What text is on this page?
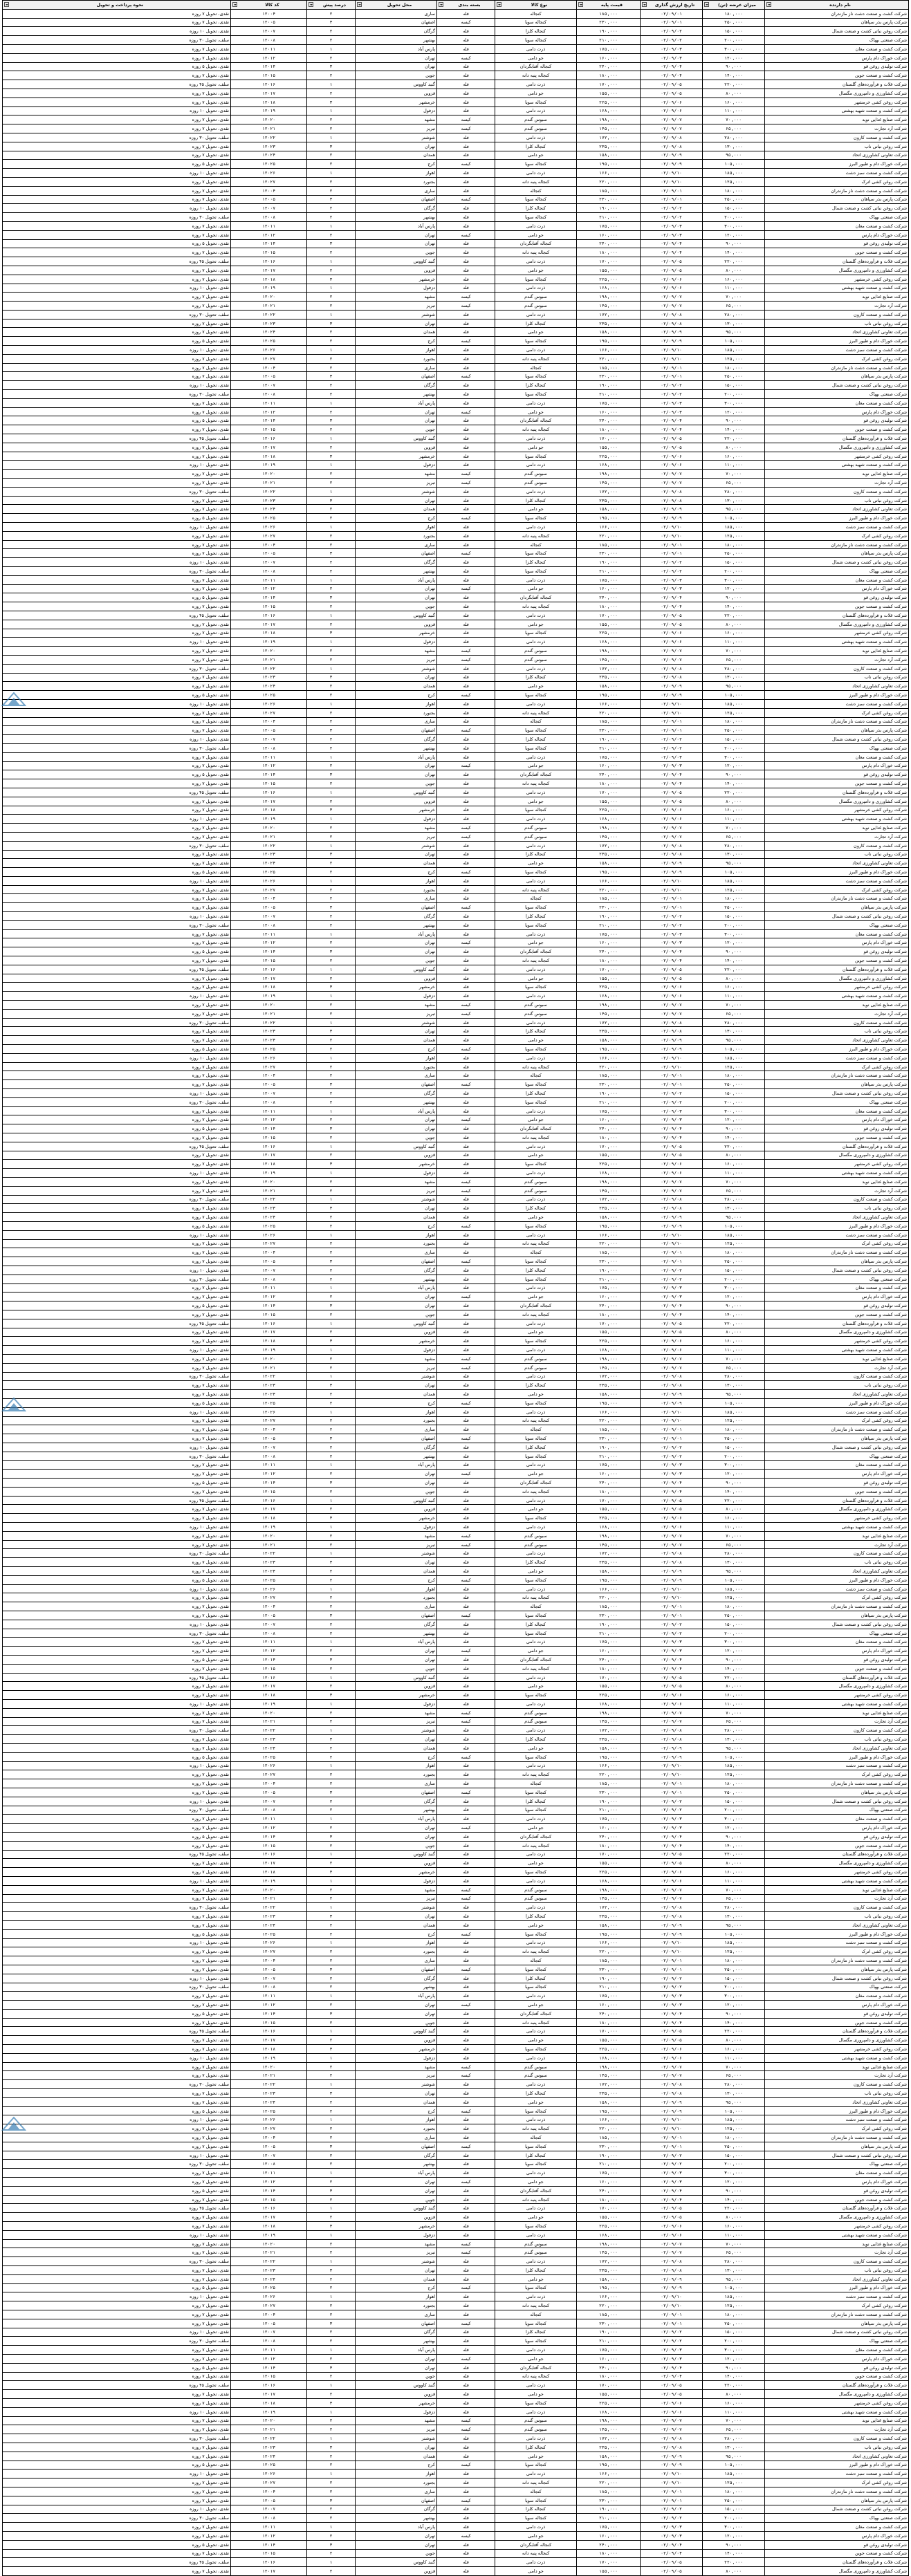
نام دارنده	میزان عرضه (تن)	تاریخ ارزش گذاری	قیمت پایه	نوع کالا	بسته بندی	محل تحویل	درصد پیش	کد کالا	نحوه پرداخت و تحویل
شرکت کشت و صنعت دشت ناز مازندران	۱۸۰,۰۰۰	۰۲/۰۹/۰۱	۱۸۵,۰۰۰	کنجاله	فله	ساری	۲	۱۲۰۰۴	نقدی، تحویل ۷ روزه
شرکت پارس بذر سپاهان	۲۵۰,۰۰۰	۰۲/۰۹/۰۱	۲۳۰,۰۰۰	کنجاله سویا	کیسه	اصفهان	۳	۱۲۰۰۵	نقدی، تحویل ۷ روزه
شرکت روغن نباتی کشت و صنعت شمال	۱۵۰,۰۰۰	۰۲/۰۹/۰۲	۱۹۰,۰۰۰	کنجاله کلزا	فله	گرگان	۲	۱۲۰۰۷	نقدی، تحویل ۱۰ روزه
شرکت صنعتی بهپاک	۲۰۰,۰۰۰	۰۲/۰۹/۰۲	۲۱۰,۰۰۰	کنجاله سویا	فله	بهشهر	۲	۱۲۰۰۸	سلف، تحویل ۳۰ روزه
شرکت کشت و صنعت مغان	۳۰۰,۰۰۰	۰۲/۰۹/۰۳	۱۷۵,۰۰۰	ذرت دامی	فله	پارس آباد	۱	۱۲۰۱۱	نقدی، تحویل ۷ روزه
شرکت خوراک دام پارس	۱۲۰,۰۰۰	۰۲/۰۹/۰۳	۱۶۰,۰۰۰	جو دامی	کیسه	تهران	۲	۱۲۰۱۲	نقدی، تحویل ۷ روزه
شرکت تولیدی روغن قو	۹۰,۰۰۰	۰۲/۰۹/۰۴	۲۴۰,۰۰۰	کنجاله آفتابگردان	فله	تهران	۳	۱۲۰۱۴	نقدی، تحویل ۵ روزه
شرکت کشت و صنعت جوین	۱۴۰,۰۰۰	۰۲/۰۹/۰۴	۱۸۰,۰۰۰	کنجاله پنبه دانه	فله	جوین	۲	۱۲۰۱۵	نقدی، تحویل ۷ روزه
شرکت غلات و فرآورده‌های گلستان	۲۲۰,۰۰۰	۰۲/۰۹/۰۵	۱۷۰,۰۰۰	ذرت دامی	فله	گنبد کاووس	۱	۱۲۰۱۶	سلف، تحویل ۴۵ روزه
شرکت کشاورزی و دامپروری مگسال	۸۰,۰۰۰	۰۲/۰۹/۰۵	۱۵۵,۰۰۰	جو دامی	فله	قزوین	۲	۱۲۰۱۷	نقدی، تحویل ۷ روزه
شرکت روغن کشی خرمشهر	۱۶۰,۰۰۰	۰۲/۰۹/۰۶	۲۲۵,۰۰۰	کنجاله سویا	فله	خرمشهر	۳	۱۲۰۱۸	نقدی، تحویل ۷ روزه
شرکت کشت و صنعت شهید بهشتی	۱۱۰,۰۰۰	۰۲/۰۹/۰۶	۱۶۸,۰۰۰	ذرت دامی	فله	دزفول	۱	۱۲۰۱۹	نقدی، تحویل ۱۰ روزه
شرکت صنایع غذایی نوید	۷۰,۰۰۰	۰۲/۰۹/۰۷	۱۹۸,۰۰۰	سبوس گندم	کیسه	مشهد	۲	۱۲۰۲۰	نقدی، تحویل ۷ روزه
شرکت آرد تجارت	۶۵,۰۰۰	۰۲/۰۹/۰۷	۱۴۵,۰۰۰	سبوس گندم	کیسه	تبریز	۲	۱۲۰۲۱	نقدی، تحویل ۷ روزه
شرکت کشت و صنعت کارون	۲۸۰,۰۰۰	۰۲/۰۹/۰۸	۱۷۲,۰۰۰	ذرت دامی	فله	شوشتر	۱	۱۲۰۲۲	سلف، تحویل ۳۰ روزه
شرکت روغن نباتی ناب	۱۳۰,۰۰۰	۰۲/۰۹/۰۸	۲۳۵,۰۰۰	کنجاله کلزا	فله	تهران	۳	۱۲۰۲۳	نقدی، تحویل ۷ روزه
شرکت تعاونی کشاورزی اتحاد	۹۵,۰۰۰	۰۲/۰۹/۰۹	۱۵۸,۰۰۰	جو دامی	فله	همدان	۲	۱۲۰۲۴	نقدی، تحویل ۷ روزه
شرکت خوراک دام و طیور البرز	۱۰۵,۰۰۰	۰۲/۰۹/۰۹	۱۹۵,۰۰۰	کنجاله سویا	کیسه	کرج	۲	۱۲۰۲۵	نقدی، تحویل ۵ روزه
شرکت کشت و صنعت سبز دشت	۱۸۵,۰۰۰	۰۲/۰۹/۱۰	۱۶۶,۰۰۰	ذرت دامی	فله	اهواز	۱	۱۲۰۲۶	نقدی، تحویل ۱۰ روزه
شرکت روغن کشی اترک	۱۲۵,۰۰۰	۰۲/۰۹/۱۰	۲۲۰,۰۰۰	کنجاله پنبه دانه	فله	بجنورد	۲	۱۲۰۲۷	نقدی، تحویل ۷ روزه
شرکت کشت و صنعت دشت ناز مازندران	۱۸۰,۰۰۰	۰۲/۰۹/۰۱	۱۸۵,۰۰۰	کنجاله	فله	ساری	۲	۱۲۰۰۴	نقدی، تحویل ۷ روزه
شرکت پارس بذر سپاهان	۲۵۰,۰۰۰	۰۲/۰۹/۰۱	۲۳۰,۰۰۰	کنجاله سویا	کیسه	اصفهان	۳	۱۲۰۰۵	نقدی، تحویل ۷ روزه
شرکت روغن نباتی کشت و صنعت شمال	۱۵۰,۰۰۰	۰۲/۰۹/۰۲	۱۹۰,۰۰۰	کنجاله کلزا	فله	گرگان	۲	۱۲۰۰۷	نقدی، تحویل ۱۰ روزه
شرکت صنعتی بهپاک	۲۰۰,۰۰۰	۰۲/۰۹/۰۲	۲۱۰,۰۰۰	کنجاله سویا	فله	بهشهر	۲	۱۲۰۰۸	سلف، تحویل ۳۰ روزه
شرکت کشت و صنعت مغان	۳۰۰,۰۰۰	۰۲/۰۹/۰۳	۱۷۵,۰۰۰	ذرت دامی	فله	پارس آباد	۱	۱۲۰۱۱	نقدی، تحویل ۷ روزه
شرکت خوراک دام پارس	۱۲۰,۰۰۰	۰۲/۰۹/۰۳	۱۶۰,۰۰۰	جو دامی	کیسه	تهران	۲	۱۲۰۱۲	نقدی، تحویل ۷ روزه
شرکت تولیدی روغن قو	۹۰,۰۰۰	۰۲/۰۹/۰۴	۲۴۰,۰۰۰	کنجاله آفتابگردان	فله	تهران	۳	۱۲۰۱۴	نقدی، تحویل ۵ روزه
شرکت کشت و صنعت جوین	۱۴۰,۰۰۰	۰۲/۰۹/۰۴	۱۸۰,۰۰۰	کنجاله پنبه دانه	فله	جوین	۲	۱۲۰۱۵	نقدی، تحویل ۷ روزه
شرکت غلات و فرآورده‌های گلستان	۲۲۰,۰۰۰	۰۲/۰۹/۰۵	۱۷۰,۰۰۰	ذرت دامی	فله	گنبد کاووس	۱	۱۲۰۱۶	سلف، تحویل ۴۵ روزه
شرکت کشاورزی و دامپروری مگسال	۸۰,۰۰۰	۰۲/۰۹/۰۵	۱۵۵,۰۰۰	جو دامی	فله	قزوین	۲	۱۲۰۱۷	نقدی، تحویل ۷ روزه
شرکت روغن کشی خرمشهر	۱۶۰,۰۰۰	۰۲/۰۹/۰۶	۲۲۵,۰۰۰	کنجاله سویا	فله	خرمشهر	۳	۱۲۰۱۸	نقدی، تحویل ۷ روزه
شرکت کشت و صنعت شهید بهشتی	۱۱۰,۰۰۰	۰۲/۰۹/۰۶	۱۶۸,۰۰۰	ذرت دامی	فله	دزفول	۱	۱۲۰۱۹	نقدی، تحویل ۱۰ روزه
شرکت صنایع غذایی نوید	۷۰,۰۰۰	۰۲/۰۹/۰۷	۱۹۸,۰۰۰	سبوس گندم	کیسه	مشهد	۲	۱۲۰۲۰	نقدی، تحویل ۷ روزه
شرکت آرد تجارت	۶۵,۰۰۰	۰۲/۰۹/۰۷	۱۴۵,۰۰۰	سبوس گندم	کیسه	تبریز	۲	۱۲۰۲۱	نقدی، تحویل ۷ روزه
شرکت کشت و صنعت کارون	۲۸۰,۰۰۰	۰۲/۰۹/۰۸	۱۷۲,۰۰۰	ذرت دامی	فله	شوشتر	۱	۱۲۰۲۲	سلف، تحویل ۳۰ روزه
شرکت روغن نباتی ناب	۱۳۰,۰۰۰	۰۲/۰۹/۰۸	۲۳۵,۰۰۰	کنجاله کلزا	فله	تهران	۳	۱۲۰۲۳	نقدی، تحویل ۷ روزه
شرکت تعاونی کشاورزی اتحاد	۹۵,۰۰۰	۰۲/۰۹/۰۹	۱۵۸,۰۰۰	جو دامی	فله	همدان	۲	۱۲۰۲۴	نقدی، تحویل ۷ روزه
شرکت خوراک دام و طیور البرز	۱۰۵,۰۰۰	۰۲/۰۹/۰۹	۱۹۵,۰۰۰	کنجاله سویا	کیسه	کرج	۲	۱۲۰۲۵	نقدی، تحویل ۵ روزه
شرکت کشت و صنعت سبز دشت	۱۸۵,۰۰۰	۰۲/۰۹/۱۰	۱۶۶,۰۰۰	ذرت دامی	فله	اهواز	۱	۱۲۰۲۶	نقدی، تحویل ۱۰ روزه
شرکت روغن کشی اترک	۱۲۵,۰۰۰	۰۲/۰۹/۱۰	۲۲۰,۰۰۰	کنجاله پنبه دانه	فله	بجنورد	۲	۱۲۰۲۷	نقدی، تحویل ۷ روزه
شرکت کشت و صنعت دشت ناز مازندران	۱۸۰,۰۰۰	۰۲/۰۹/۰۱	۱۸۵,۰۰۰	کنجاله	فله	ساری	۲	۱۲۰۰۴	نقدی، تحویل ۷ روزه
شرکت پارس بذر سپاهان	۲۵۰,۰۰۰	۰۲/۰۹/۰۱	۲۳۰,۰۰۰	کنجاله سویا	کیسه	اصفهان	۳	۱۲۰۰۵	نقدی، تحویل ۷ روزه
شرکت روغن نباتی کشت و صنعت شمال	۱۵۰,۰۰۰	۰۲/۰۹/۰۲	۱۹۰,۰۰۰	کنجاله کلزا	فله	گرگان	۲	۱۲۰۰۷	نقدی، تحویل ۱۰ روزه
شرکت صنعتی بهپاک	۲۰۰,۰۰۰	۰۲/۰۹/۰۲	۲۱۰,۰۰۰	کنجاله سویا	فله	بهشهر	۲	۱۲۰۰۸	سلف، تحویل ۳۰ روزه
شرکت کشت و صنعت مغان	۳۰۰,۰۰۰	۰۲/۰۹/۰۳	۱۷۵,۰۰۰	ذرت دامی	فله	پارس آباد	۱	۱۲۰۱۱	نقدی، تحویل ۷ روزه
شرکت خوراک دام پارس	۱۲۰,۰۰۰	۰۲/۰۹/۰۳	۱۶۰,۰۰۰	جو دامی	کیسه	تهران	۲	۱۲۰۱۲	نقدی، تحویل ۷ روزه
شرکت تولیدی روغن قو	۹۰,۰۰۰	۰۲/۰۹/۰۴	۲۴۰,۰۰۰	کنجاله آفتابگردان	فله	تهران	۳	۱۲۰۱۴	نقدی، تحویل ۵ روزه
شرکت کشت و صنعت جوین	۱۴۰,۰۰۰	۰۲/۰۹/۰۴	۱۸۰,۰۰۰	کنجاله پنبه دانه	فله	جوین	۲	۱۲۰۱۵	نقدی، تحویل ۷ روزه
شرکت غلات و فرآورده‌های گلستان	۲۲۰,۰۰۰	۰۲/۰۹/۰۵	۱۷۰,۰۰۰	ذرت دامی	فله	گنبد کاووس	۱	۱۲۰۱۶	سلف، تحویل ۴۵ روزه
شرکت کشاورزی و دامپروری مگسال	۸۰,۰۰۰	۰۲/۰۹/۰۵	۱۵۵,۰۰۰	جو دامی	فله	قزوین	۲	۱۲۰۱۷	نقدی، تحویل ۷ روزه
شرکت روغن کشی خرمشهر	۱۶۰,۰۰۰	۰۲/۰۹/۰۶	۲۲۵,۰۰۰	کنجاله سویا	فله	خرمشهر	۳	۱۲۰۱۸	نقدی، تحویل ۷ روزه
شرکت کشت و صنعت شهید بهشتی	۱۱۰,۰۰۰	۰۲/۰۹/۰۶	۱۶۸,۰۰۰	ذرت دامی	فله	دزفول	۱	۱۲۰۱۹	نقدی، تحویل ۱۰ روزه
شرکت صنایع غذایی نوید	۷۰,۰۰۰	۰۲/۰۹/۰۷	۱۹۸,۰۰۰	سبوس گندم	کیسه	مشهد	۲	۱۲۰۲۰	نقدی، تحویل ۷ روزه
شرکت آرد تجارت	۶۵,۰۰۰	۰۲/۰۹/۰۷	۱۴۵,۰۰۰	سبوس گندم	کیسه	تبریز	۲	۱۲۰۲۱	نقدی، تحویل ۷ روزه
شرکت کشت و صنعت کارون	۲۸۰,۰۰۰	۰۲/۰۹/۰۸	۱۷۲,۰۰۰	ذرت دامی	فله	شوشتر	۱	۱۲۰۲۲	سلف، تحویل ۳۰ روزه
شرکت روغن نباتی ناب	۱۳۰,۰۰۰	۰۲/۰۹/۰۸	۲۳۵,۰۰۰	کنجاله کلزا	فله	تهران	۳	۱۲۰۲۳	نقدی، تحویل ۷ روزه
شرکت تعاونی کشاورزی اتحاد	۹۵,۰۰۰	۰۲/۰۹/۰۹	۱۵۸,۰۰۰	جو دامی	فله	همدان	۲	۱۲۰۲۴	نقدی، تحویل ۷ روزه
شرکت خوراک دام و طیور البرز	۱۰۵,۰۰۰	۰۲/۰۹/۰۹	۱۹۵,۰۰۰	کنجاله سویا	کیسه	کرج	۲	۱۲۰۲۵	نقدی، تحویل ۵ روزه
شرکت کشت و صنعت سبز دشت	۱۸۵,۰۰۰	۰۲/۰۹/۱۰	۱۶۶,۰۰۰	ذرت دامی	فله	اهواز	۱	۱۲۰۲۶	نقدی، تحویل ۱۰ روزه
شرکت روغن کشی اترک	۱۲۵,۰۰۰	۰۲/۰۹/۱۰	۲۲۰,۰۰۰	کنجاله پنبه دانه	فله	بجنورد	۲	۱۲۰۲۷	نقدی، تحویل ۷ روزه
شرکت کشت و صنعت دشت ناز مازندران	۱۸۰,۰۰۰	۰۲/۰۹/۰۱	۱۸۵,۰۰۰	کنجاله	فله	ساری	۲	۱۲۰۰۴	نقدی، تحویل ۷ روزه
شرکت پارس بذر سپاهان	۲۵۰,۰۰۰	۰۲/۰۹/۰۱	۲۳۰,۰۰۰	کنجاله سویا	کیسه	اصفهان	۳	۱۲۰۰۵	نقدی، تحویل ۷ روزه
شرکت روغن نباتی کشت و صنعت شمال	۱۵۰,۰۰۰	۰۲/۰۹/۰۲	۱۹۰,۰۰۰	کنجاله کلزا	فله	گرگان	۲	۱۲۰۰۷	نقدی، تحویل ۱۰ روزه
شرکت صنعتی بهپاک	۲۰۰,۰۰۰	۰۲/۰۹/۰۲	۲۱۰,۰۰۰	کنجاله سویا	فله	بهشهر	۲	۱۲۰۰۸	سلف، تحویل ۳۰ روزه
شرکت کشت و صنعت مغان	۳۰۰,۰۰۰	۰۲/۰۹/۰۳	۱۷۵,۰۰۰	ذرت دامی	فله	پارس آباد	۱	۱۲۰۱۱	نقدی، تحویل ۷ روزه
شرکت خوراک دام پارس	۱۲۰,۰۰۰	۰۲/۰۹/۰۳	۱۶۰,۰۰۰	جو دامی	کیسه	تهران	۲	۱۲۰۱۲	نقدی، تحویل ۷ روزه
شرکت تولیدی روغن قو	۹۰,۰۰۰	۰۲/۰۹/۰۴	۲۴۰,۰۰۰	کنجاله آفتابگردان	فله	تهران	۳	۱۲۰۱۴	نقدی، تحویل ۵ روزه
شرکت کشت و صنعت جوین	۱۴۰,۰۰۰	۰۲/۰۹/۰۴	۱۸۰,۰۰۰	کنجاله پنبه دانه	فله	جوین	۲	۱۲۰۱۵	نقدی، تحویل ۷ روزه
شرکت غلات و فرآورده‌های گلستان	۲۲۰,۰۰۰	۰۲/۰۹/۰۵	۱۷۰,۰۰۰	ذرت دامی	فله	گنبد کاووس	۱	۱۲۰۱۶	سلف، تحویل ۴۵ روزه
شرکت کشاورزی و دامپروری مگسال	۸۰,۰۰۰	۰۲/۰۹/۰۵	۱۵۵,۰۰۰	جو دامی	فله	قزوین	۲	۱۲۰۱۷	نقدی، تحویل ۷ روزه
شرکت روغن کشی خرمشهر	۱۶۰,۰۰۰	۰۲/۰۹/۰۶	۲۲۵,۰۰۰	کنجاله سویا	فله	خرمشهر	۳	۱۲۰۱۸	نقدی، تحویل ۷ روزه
شرکت کشت و صنعت شهید بهشتی	۱۱۰,۰۰۰	۰۲/۰۹/۰۶	۱۶۸,۰۰۰	ذرت دامی	فله	دزفول	۱	۱۲۰۱۹	نقدی، تحویل ۱۰ روزه
شرکت صنایع غذایی نوید	۷۰,۰۰۰	۰۲/۰۹/۰۷	۱۹۸,۰۰۰	سبوس گندم	کیسه	مشهد	۲	۱۲۰۲۰	نقدی، تحویل ۷ روزه
شرکت آرد تجارت	۶۵,۰۰۰	۰۲/۰۹/۰۷	۱۴۵,۰۰۰	سبوس گندم	کیسه	تبریز	۲	۱۲۰۲۱	نقدی، تحویل ۷ روزه
شرکت کشت و صنعت کارون	۲۸۰,۰۰۰	۰۲/۰۹/۰۸	۱۷۲,۰۰۰	ذرت دامی	فله	شوشتر	۱	۱۲۰۲۲	سلف، تحویل ۳۰ روزه
شرکت روغن نباتی ناب	۱۳۰,۰۰۰	۰۲/۰۹/۰۸	۲۳۵,۰۰۰	کنجاله کلزا	فله	تهران	۳	۱۲۰۲۳	نقدی، تحویل ۷ روزه
شرکت تعاونی کشاورزی اتحاد	۹۵,۰۰۰	۰۲/۰۹/۰۹	۱۵۸,۰۰۰	جو دامی	فله	همدان	۲	۱۲۰۲۴	نقدی، تحویل ۷ روزه
شرکت خوراک دام و طیور البرز	۱۰۵,۰۰۰	۰۲/۰۹/۰۹	۱۹۵,۰۰۰	کنجاله سویا	کیسه	کرج	۲	۱۲۰۲۵	نقدی، تحویل ۵ روزه
شرکت کشت و صنعت سبز دشت	۱۸۵,۰۰۰	۰۲/۰۹/۱۰	۱۶۶,۰۰۰	ذرت دامی	فله	اهواز	۱	۱۲۰۲۶	نقدی، تحویل ۱۰ روزه
شرکت روغن کشی اترک	۱۲۵,۰۰۰	۰۲/۰۹/۱۰	۲۲۰,۰۰۰	کنجاله پنبه دانه	فله	بجنورد	۲	۱۲۰۲۷	نقدی، تحویل ۷ روزه
شرکت کشت و صنعت دشت ناز مازندران	۱۸۰,۰۰۰	۰۲/۰۹/۰۱	۱۸۵,۰۰۰	کنجاله	فله	ساری	۲	۱۲۰۰۴	نقدی، تحویل ۷ روزه
شرکت پارس بذر سپاهان	۲۵۰,۰۰۰	۰۲/۰۹/۰۱	۲۳۰,۰۰۰	کنجاله سویا	کیسه	اصفهان	۳	۱۲۰۰۵	نقدی، تحویل ۷ روزه
شرکت روغن نباتی کشت و صنعت شمال	۱۵۰,۰۰۰	۰۲/۰۹/۰۲	۱۹۰,۰۰۰	کنجاله کلزا	فله	گرگان	۲	۱۲۰۰۷	نقدی، تحویل ۱۰ روزه
شرکت صنعتی بهپاک	۲۰۰,۰۰۰	۰۲/۰۹/۰۲	۲۱۰,۰۰۰	کنجاله سویا	فله	بهشهر	۲	۱۲۰۰۸	سلف، تحویل ۳۰ روزه
شرکت کشت و صنعت مغان	۳۰۰,۰۰۰	۰۲/۰۹/۰۳	۱۷۵,۰۰۰	ذرت دامی	فله	پارس آباد	۱	۱۲۰۱۱	نقدی، تحویل ۷ روزه
شرکت خوراک دام پارس	۱۲۰,۰۰۰	۰۲/۰۹/۰۳	۱۶۰,۰۰۰	جو دامی	کیسه	تهران	۲	۱۲۰۱۲	نقدی، تحویل ۷ روزه
شرکت تولیدی روغن قو	۹۰,۰۰۰	۰۲/۰۹/۰۴	۲۴۰,۰۰۰	کنجاله آفتابگردان	فله	تهران	۳	۱۲۰۱۴	نقدی، تحویل ۵ روزه
شرکت کشت و صنعت جوین	۱۴۰,۰۰۰	۰۲/۰۹/۰۴	۱۸۰,۰۰۰	کنجاله پنبه دانه	فله	جوین	۲	۱۲۰۱۵	نقدی، تحویل ۷ روزه
شرکت غلات و فرآورده‌های گلستان	۲۲۰,۰۰۰	۰۲/۰۹/۰۵	۱۷۰,۰۰۰	ذرت دامی	فله	گنبد کاووس	۱	۱۲۰۱۶	سلف، تحویل ۴۵ روزه
شرکت کشاورزی و دامپروری مگسال	۸۰,۰۰۰	۰۲/۰۹/۰۵	۱۵۵,۰۰۰	جو دامی	فله	قزوین	۲	۱۲۰۱۷	نقدی، تحویل ۷ روزه
شرکت روغن کشی خرمشهر	۱۶۰,۰۰۰	۰۲/۰۹/۰۶	۲۲۵,۰۰۰	کنجاله سویا	فله	خرمشهر	۳	۱۲۰۱۸	نقدی، تحویل ۷ روزه
شرکت کشت و صنعت شهید بهشتی	۱۱۰,۰۰۰	۰۲/۰۹/۰۶	۱۶۸,۰۰۰	ذرت دامی	فله	دزفول	۱	۱۲۰۱۹	نقدی، تحویل ۱۰ روزه
شرکت صنایع غذایی نوید	۷۰,۰۰۰	۰۲/۰۹/۰۷	۱۹۸,۰۰۰	سبوس گندم	کیسه	مشهد	۲	۱۲۰۲۰	نقدی، تحویل ۷ روزه
شرکت آرد تجارت	۶۵,۰۰۰	۰۲/۰۹/۰۷	۱۴۵,۰۰۰	سبوس گندم	کیسه	تبریز	۲	۱۲۰۲۱	نقدی، تحویل ۷ روزه
شرکت کشت و صنعت کارون	۲۸۰,۰۰۰	۰۲/۰۹/۰۸	۱۷۲,۰۰۰	ذرت دامی	فله	شوشتر	۱	۱۲۰۲۲	سلف، تحویل ۳۰ روزه
شرکت روغن نباتی ناب	۱۳۰,۰۰۰	۰۲/۰۹/۰۸	۲۳۵,۰۰۰	کنجاله کلزا	فله	تهران	۳	۱۲۰۲۳	نقدی، تحویل ۷ روزه
شرکت تعاونی کشاورزی اتحاد	۹۵,۰۰۰	۰۲/۰۹/۰۹	۱۵۸,۰۰۰	جو دامی	فله	همدان	۲	۱۲۰۲۴	نقدی، تحویل ۷ روزه
شرکت خوراک دام و طیور البرز	۱۰۵,۰۰۰	۰۲/۰۹/۰۹	۱۹۵,۰۰۰	کنجاله سویا	کیسه	کرج	۲	۱۲۰۲۵	نقدی، تحویل ۵ روزه
شرکت کشت و صنعت سبز دشت	۱۸۵,۰۰۰	۰۲/۰۹/۱۰	۱۶۶,۰۰۰	ذرت دامی	فله	اهواز	۱	۱۲۰۲۶	نقدی، تحویل ۱۰ روزه
شرکت روغن کشی اترک	۱۲۵,۰۰۰	۰۲/۰۹/۱۰	۲۲۰,۰۰۰	کنجاله پنبه دانه	فله	بجنورد	۲	۱۲۰۲۷	نقدی، تحویل ۷ روزه
شرکت کشت و صنعت دشت ناز مازندران	۱۸۰,۰۰۰	۰۲/۰۹/۰۱	۱۸۵,۰۰۰	کنجاله	فله	ساری	۲	۱۲۰۰۴	نقدی، تحویل ۷ روزه
شرکت پارس بذر سپاهان	۲۵۰,۰۰۰	۰۲/۰۹/۰۱	۲۳۰,۰۰۰	کنجاله سویا	کیسه	اصفهان	۳	۱۲۰۰۵	نقدی، تحویل ۷ روزه
شرکت روغن نباتی کشت و صنعت شمال	۱۵۰,۰۰۰	۰۲/۰۹/۰۲	۱۹۰,۰۰۰	کنجاله کلزا	فله	گرگان	۲	۱۲۰۰۷	نقدی، تحویل ۱۰ روزه
شرکت صنعتی بهپاک	۲۰۰,۰۰۰	۰۲/۰۹/۰۲	۲۱۰,۰۰۰	کنجاله سویا	فله	بهشهر	۲	۱۲۰۰۸	سلف، تحویل ۳۰ روزه
شرکت کشت و صنعت مغان	۳۰۰,۰۰۰	۰۲/۰۹/۰۳	۱۷۵,۰۰۰	ذرت دامی	فله	پارس آباد	۱	۱۲۰۱۱	نقدی، تحویل ۷ روزه
شرکت خوراک دام پارس	۱۲۰,۰۰۰	۰۲/۰۹/۰۳	۱۶۰,۰۰۰	جو دامی	کیسه	تهران	۲	۱۲۰۱۲	نقدی، تحویل ۷ روزه
شرکت تولیدی روغن قو	۹۰,۰۰۰	۰۲/۰۹/۰۴	۲۴۰,۰۰۰	کنجاله آفتابگردان	فله	تهران	۳	۱۲۰۱۴	نقدی، تحویل ۵ روزه
شرکت کشت و صنعت جوین	۱۴۰,۰۰۰	۰۲/۰۹/۰۴	۱۸۰,۰۰۰	کنجاله پنبه دانه	فله	جوین	۲	۱۲۰۱۵	نقدی، تحویل ۷ روزه
شرکت غلات و فرآورده‌های گلستان	۲۲۰,۰۰۰	۰۲/۰۹/۰۵	۱۷۰,۰۰۰	ذرت دامی	فله	گنبد کاووس	۱	۱۲۰۱۶	سلف، تحویل ۴۵ روزه
شرکت کشاورزی و دامپروری مگسال	۸۰,۰۰۰	۰۲/۰۹/۰۵	۱۵۵,۰۰۰	جو دامی	فله	قزوین	۲	۱۲۰۱۷	نقدی، تحویل ۷ روزه
شرکت روغن کشی خرمشهر	۱۶۰,۰۰۰	۰۲/۰۹/۰۶	۲۲۵,۰۰۰	کنجاله سویا	فله	خرمشهر	۳	۱۲۰۱۸	نقدی، تحویل ۷ روزه
شرکت کشت و صنعت شهید بهشتی	۱۱۰,۰۰۰	۰۲/۰۹/۰۶	۱۶۸,۰۰۰	ذرت دامی	فله	دزفول	۱	۱۲۰۱۹	نقدی، تحویل ۱۰ روزه
شرکت صنایع غذایی نوید	۷۰,۰۰۰	۰۲/۰۹/۰۷	۱۹۸,۰۰۰	سبوس گندم	کیسه	مشهد	۲	۱۲۰۲۰	نقدی، تحویل ۷ روزه
شرکت آرد تجارت	۶۵,۰۰۰	۰۲/۰۹/۰۷	۱۴۵,۰۰۰	سبوس گندم	کیسه	تبریز	۲	۱۲۰۲۱	نقدی، تحویل ۷ روزه
شرکت کشت و صنعت کارون	۲۸۰,۰۰۰	۰۲/۰۹/۰۸	۱۷۲,۰۰۰	ذرت دامی	فله	شوشتر	۱	۱۲۰۲۲	سلف، تحویل ۳۰ روزه
شرکت روغن نباتی ناب	۱۳۰,۰۰۰	۰۲/۰۹/۰۸	۲۳۵,۰۰۰	کنجاله کلزا	فله	تهران	۳	۱۲۰۲۳	نقدی، تحویل ۷ روزه
شرکت تعاونی کشاورزی اتحاد	۹۵,۰۰۰	۰۲/۰۹/۰۹	۱۵۸,۰۰۰	جو دامی	فله	همدان	۲	۱۲۰۲۴	نقدی، تحویل ۷ روزه
شرکت خوراک دام و طیور البرز	۱۰۵,۰۰۰	۰۲/۰۹/۰۹	۱۹۵,۰۰۰	کنجاله سویا	کیسه	کرج	۲	۱۲۰۲۵	نقدی، تحویل ۵ روزه
شرکت کشت و صنعت سبز دشت	۱۸۵,۰۰۰	۰۲/۰۹/۱۰	۱۶۶,۰۰۰	ذرت دامی	فله	اهواز	۱	۱۲۰۲۶	نقدی، تحویل ۱۰ روزه
شرکت روغن کشی اترک	۱۲۵,۰۰۰	۰۲/۰۹/۱۰	۲۲۰,۰۰۰	کنجاله پنبه دانه	فله	بجنورد	۲	۱۲۰۲۷	نقدی، تحویل ۷ روزه
شرکت کشت و صنعت دشت ناز مازندران	۱۸۰,۰۰۰	۰۲/۰۹/۰۱	۱۸۵,۰۰۰	کنجاله	فله	ساری	۲	۱۲۰۰۴	نقدی، تحویل ۷ روزه
شرکت پارس بذر سپاهان	۲۵۰,۰۰۰	۰۲/۰۹/۰۱	۲۳۰,۰۰۰	کنجاله سویا	کیسه	اصفهان	۳	۱۲۰۰۵	نقدی، تحویل ۷ روزه
شرکت روغن نباتی کشت و صنعت شمال	۱۵۰,۰۰۰	۰۲/۰۹/۰۲	۱۹۰,۰۰۰	کنجاله کلزا	فله	گرگان	۲	۱۲۰۰۷	نقدی، تحویل ۱۰ روزه
شرکت صنعتی بهپاک	۲۰۰,۰۰۰	۰۲/۰۹/۰۲	۲۱۰,۰۰۰	کنجاله سویا	فله	بهشهر	۲	۱۲۰۰۸	سلف، تحویل ۳۰ روزه
شرکت کشت و صنعت مغان	۳۰۰,۰۰۰	۰۲/۰۹/۰۳	۱۷۵,۰۰۰	ذرت دامی	فله	پارس آباد	۱	۱۲۰۱۱	نقدی، تحویل ۷ روزه
شرکت خوراک دام پارس	۱۲۰,۰۰۰	۰۲/۰۹/۰۳	۱۶۰,۰۰۰	جو دامی	کیسه	تهران	۲	۱۲۰۱۲	نقدی، تحویل ۷ روزه
شرکت تولیدی روغن قو	۹۰,۰۰۰	۰۲/۰۹/۰۴	۲۴۰,۰۰۰	کنجاله آفتابگردان	فله	تهران	۳	۱۲۰۱۴	نقدی، تحویل ۵ روزه
شرکت کشت و صنعت جوین	۱۴۰,۰۰۰	۰۲/۰۹/۰۴	۱۸۰,۰۰۰	کنجاله پنبه دانه	فله	جوین	۲	۱۲۰۱۵	نقدی، تحویل ۷ روزه
شرکت غلات و فرآورده‌های گلستان	۲۲۰,۰۰۰	۰۲/۰۹/۰۵	۱۷۰,۰۰۰	ذرت دامی	فله	گنبد کاووس	۱	۱۲۰۱۶	سلف، تحویل ۴۵ روزه
شرکت کشاورزی و دامپروری مگسال	۸۰,۰۰۰	۰۲/۰۹/۰۵	۱۵۵,۰۰۰	جو دامی	فله	قزوین	۲	۱۲۰۱۷	نقدی، تحویل ۷ روزه
شرکت روغن کشی خرمشهر	۱۶۰,۰۰۰	۰۲/۰۹/۰۶	۲۲۵,۰۰۰	کنجاله سویا	فله	خرمشهر	۳	۱۲۰۱۸	نقدی، تحویل ۷ روزه
شرکت کشت و صنعت شهید بهشتی	۱۱۰,۰۰۰	۰۲/۰۹/۰۶	۱۶۸,۰۰۰	ذرت دامی	فله	دزفول	۱	۱۲۰۱۹	نقدی، تحویل ۱۰ روزه
شرکت صنایع غذایی نوید	۷۰,۰۰۰	۰۲/۰۹/۰۷	۱۹۸,۰۰۰	سبوس گندم	کیسه	مشهد	۲	۱۲۰۲۰	نقدی، تحویل ۷ روزه
شرکت آرد تجارت	۶۵,۰۰۰	۰۲/۰۹/۰۷	۱۴۵,۰۰۰	سبوس گندم	کیسه	تبریز	۲	۱۲۰۲۱	نقدی، تحویل ۷ روزه
شرکت کشت و صنعت کارون	۲۸۰,۰۰۰	۰۲/۰۹/۰۸	۱۷۲,۰۰۰	ذرت دامی	فله	شوشتر	۱	۱۲۰۲۲	سلف، تحویل ۳۰ روزه
شرکت روغن نباتی ناب	۱۳۰,۰۰۰	۰۲/۰۹/۰۸	۲۳۵,۰۰۰	کنجاله کلزا	فله	تهران	۳	۱۲۰۲۳	نقدی، تحویل ۷ روزه
شرکت تعاونی کشاورزی اتحاد	۹۵,۰۰۰	۰۲/۰۹/۰۹	۱۵۸,۰۰۰	جو دامی	فله	همدان	۲	۱۲۰۲۴	نقدی، تحویل ۷ روزه
شرکت خوراک دام و طیور البرز	۱۰۵,۰۰۰	۰۲/۰۹/۰۹	۱۹۵,۰۰۰	کنجاله سویا	کیسه	کرج	۲	۱۲۰۲۵	نقدی، تحویل ۵ روزه
شرکت کشت و صنعت سبز دشت	۱۸۵,۰۰۰	۰۲/۰۹/۱۰	۱۶۶,۰۰۰	ذرت دامی	فله	اهواز	۱	۱۲۰۲۶	نقدی، تحویل ۱۰ روزه
شرکت روغن کشی اترک	۱۲۵,۰۰۰	۰۲/۰۹/۱۰	۲۲۰,۰۰۰	کنجاله پنبه دانه	فله	بجنورد	۲	۱۲۰۲۷	نقدی، تحویل ۷ روزه
شرکت کشت و صنعت دشت ناز مازندران	۱۸۰,۰۰۰	۰۲/۰۹/۰۱	۱۸۵,۰۰۰	کنجاله	فله	ساری	۲	۱۲۰۰۴	نقدی، تحویل ۷ روزه
شرکت پارس بذر سپاهان	۲۵۰,۰۰۰	۰۲/۰۹/۰۱	۲۳۰,۰۰۰	کنجاله سویا	کیسه	اصفهان	۳	۱۲۰۰۵	نقدی، تحویل ۷ روزه
شرکت روغن نباتی کشت و صنعت شمال	۱۵۰,۰۰۰	۰۲/۰۹/۰۲	۱۹۰,۰۰۰	کنجاله کلزا	فله	گرگان	۲	۱۲۰۰۷	نقدی، تحویل ۱۰ روزه
شرکت صنعتی بهپاک	۲۰۰,۰۰۰	۰۲/۰۹/۰۲	۲۱۰,۰۰۰	کنجاله سویا	فله	بهشهر	۲	۱۲۰۰۸	سلف، تحویل ۳۰ روزه
شرکت کشت و صنعت مغان	۳۰۰,۰۰۰	۰۲/۰۹/۰۳	۱۷۵,۰۰۰	ذرت دامی	فله	پارس آباد	۱	۱۲۰۱۱	نقدی، تحویل ۷ روزه
شرکت خوراک دام پارس	۱۲۰,۰۰۰	۰۲/۰۹/۰۳	۱۶۰,۰۰۰	جو دامی	کیسه	تهران	۲	۱۲۰۱۲	نقدی، تحویل ۷ روزه
شرکت تولیدی روغن قو	۹۰,۰۰۰	۰۲/۰۹/۰۴	۲۴۰,۰۰۰	کنجاله آفتابگردان	فله	تهران	۳	۱۲۰۱۴	نقدی، تحویل ۵ روزه
شرکت کشت و صنعت جوین	۱۴۰,۰۰۰	۰۲/۰۹/۰۴	۱۸۰,۰۰۰	کنجاله پنبه دانه	فله	جوین	۲	۱۲۰۱۵	نقدی، تحویل ۷ روزه
شرکت غلات و فرآورده‌های گلستان	۲۲۰,۰۰۰	۰۲/۰۹/۰۵	۱۷۰,۰۰۰	ذرت دامی	فله	گنبد کاووس	۱	۱۲۰۱۶	سلف، تحویل ۴۵ روزه
شرکت کشاورزی و دامپروری مگسال	۸۰,۰۰۰	۰۲/۰۹/۰۵	۱۵۵,۰۰۰	جو دامی	فله	قزوین	۲	۱۲۰۱۷	نقدی، تحویل ۷ روزه
شرکت روغن کشی خرمشهر	۱۶۰,۰۰۰	۰۲/۰۹/۰۶	۲۲۵,۰۰۰	کنجاله سویا	فله	خرمشهر	۳	۱۲۰۱۸	نقدی، تحویل ۷ روزه
شرکت کشت و صنعت شهید بهشتی	۱۱۰,۰۰۰	۰۲/۰۹/۰۶	۱۶۸,۰۰۰	ذرت دامی	فله	دزفول	۱	۱۲۰۱۹	نقدی، تحویل ۱۰ روزه
شرکت صنایع غذایی نوید	۷۰,۰۰۰	۰۲/۰۹/۰۷	۱۹۸,۰۰۰	سبوس گندم	کیسه	مشهد	۲	۱۲۰۲۰	نقدی، تحویل ۷ روزه
شرکت آرد تجارت	۶۵,۰۰۰	۰۲/۰۹/۰۷	۱۴۵,۰۰۰	سبوس گندم	کیسه	تبریز	۲	۱۲۰۲۱	نقدی، تحویل ۷ روزه
شرکت کشت و صنعت کارون	۲۸۰,۰۰۰	۰۲/۰۹/۰۸	۱۷۲,۰۰۰	ذرت دامی	فله	شوشتر	۱	۱۲۰۲۲	سلف، تحویل ۳۰ روزه
شرکت روغن نباتی ناب	۱۳۰,۰۰۰	۰۲/۰۹/۰۸	۲۳۵,۰۰۰	کنجاله کلزا	فله	تهران	۳	۱۲۰۲۳	نقدی، تحویل ۷ روزه
شرکت تعاونی کشاورزی اتحاد	۹۵,۰۰۰	۰۲/۰۹/۰۹	۱۵۸,۰۰۰	جو دامی	فله	همدان	۲	۱۲۰۲۴	نقدی، تحویل ۷ روزه
شرکت خوراک دام و طیور البرز	۱۰۵,۰۰۰	۰۲/۰۹/۰۹	۱۹۵,۰۰۰	کنجاله سویا	کیسه	کرج	۲	۱۲۰۲۵	نقدی، تحویل ۵ روزه
شرکت کشت و صنعت سبز دشت	۱۸۵,۰۰۰	۰۲/۰۹/۱۰	۱۶۶,۰۰۰	ذرت دامی	فله	اهواز	۱	۱۲۰۲۶	نقدی، تحویل ۱۰ روزه
شرکت روغن کشی اترک	۱۲۵,۰۰۰	۰۲/۰۹/۱۰	۲۲۰,۰۰۰	کنجاله پنبه دانه	فله	بجنورد	۲	۱۲۰۲۷	نقدی، تحویل ۷ روزه
شرکت کشت و صنعت دشت ناز مازندران	۱۸۰,۰۰۰	۰۲/۰۹/۰۱	۱۸۵,۰۰۰	کنجاله	فله	ساری	۲	۱۲۰۰۴	نقدی، تحویل ۷ روزه
شرکت پارس بذر سپاهان	۲۵۰,۰۰۰	۰۲/۰۹/۰۱	۲۳۰,۰۰۰	کنجاله سویا	کیسه	اصفهان	۳	۱۲۰۰۵	نقدی، تحویل ۷ روزه
شرکت روغن نباتی کشت و صنعت شمال	۱۵۰,۰۰۰	۰۲/۰۹/۰۲	۱۹۰,۰۰۰	کنجاله کلزا	فله	گرگان	۲	۱۲۰۰۷	نقدی، تحویل ۱۰ روزه
شرکت صنعتی بهپاک	۲۰۰,۰۰۰	۰۲/۰۹/۰۲	۲۱۰,۰۰۰	کنجاله سویا	فله	بهشهر	۲	۱۲۰۰۸	سلف، تحویل ۳۰ روزه
شرکت کشت و صنعت مغان	۳۰۰,۰۰۰	۰۲/۰۹/۰۳	۱۷۵,۰۰۰	ذرت دامی	فله	پارس آباد	۱	۱۲۰۱۱	نقدی، تحویل ۷ روزه
شرکت خوراک دام پارس	۱۲۰,۰۰۰	۰۲/۰۹/۰۳	۱۶۰,۰۰۰	جو دامی	کیسه	تهران	۲	۱۲۰۱۲	نقدی، تحویل ۷ روزه
شرکت تولیدی روغن قو	۹۰,۰۰۰	۰۲/۰۹/۰۴	۲۴۰,۰۰۰	کنجاله آفتابگردان	فله	تهران	۳	۱۲۰۱۴	نقدی، تحویل ۵ روزه
شرکت کشت و صنعت جوین	۱۴۰,۰۰۰	۰۲/۰۹/۰۴	۱۸۰,۰۰۰	کنجاله پنبه دانه	فله	جوین	۲	۱۲۰۱۵	نقدی، تحویل ۷ روزه
شرکت غلات و فرآورده‌های گلستان	۲۲۰,۰۰۰	۰۲/۰۹/۰۵	۱۷۰,۰۰۰	ذرت دامی	فله	گنبد کاووس	۱	۱۲۰۱۶	سلف، تحویل ۴۵ روزه
شرکت کشاورزی و دامپروری مگسال	۸۰,۰۰۰	۰۲/۰۹/۰۵	۱۵۵,۰۰۰	جو دامی	فله	قزوین	۲	۱۲۰۱۷	نقدی، تحویل ۷ روزه
شرکت روغن کشی خرمشهر	۱۶۰,۰۰۰	۰۲/۰۹/۰۶	۲۲۵,۰۰۰	کنجاله سویا	فله	خرمشهر	۳	۱۲۰۱۸	نقدی، تحویل ۷ روزه
شرکت کشت و صنعت شهید بهشتی	۱۱۰,۰۰۰	۰۲/۰۹/۰۶	۱۶۸,۰۰۰	ذرت دامی	فله	دزفول	۱	۱۲۰۱۹	نقدی، تحویل ۱۰ روزه
شرکت صنایع غذایی نوید	۷۰,۰۰۰	۰۲/۰۹/۰۷	۱۹۸,۰۰۰	سبوس گندم	کیسه	مشهد	۲	۱۲۰۲۰	نقدی، تحویل ۷ روزه
شرکت آرد تجارت	۶۵,۰۰۰	۰۲/۰۹/۰۷	۱۴۵,۰۰۰	سبوس گندم	کیسه	تبریز	۲	۱۲۰۲۱	نقدی، تحویل ۷ روزه
شرکت کشت و صنعت کارون	۲۸۰,۰۰۰	۰۲/۰۹/۰۸	۱۷۲,۰۰۰	ذرت دامی	فله	شوشتر	۱	۱۲۰۲۲	سلف، تحویل ۳۰ روزه
شرکت روغن نباتی ناب	۱۳۰,۰۰۰	۰۲/۰۹/۰۸	۲۳۵,۰۰۰	کنجاله کلزا	فله	تهران	۳	۱۲۰۲۳	نقدی، تحویل ۷ روزه
شرکت تعاونی کشاورزی اتحاد	۹۵,۰۰۰	۰۲/۰۹/۰۹	۱۵۸,۰۰۰	جو دامی	فله	همدان	۲	۱۲۰۲۴	نقدی، تحویل ۷ روزه
شرکت خوراک دام و طیور البرز	۱۰۵,۰۰۰	۰۲/۰۹/۰۹	۱۹۵,۰۰۰	کنجاله سویا	کیسه	کرج	۲	۱۲۰۲۵	نقدی، تحویل ۵ روزه
شرکت کشت و صنعت سبز دشت	۱۸۵,۰۰۰	۰۲/۰۹/۱۰	۱۶۶,۰۰۰	ذرت دامی	فله	اهواز	۱	۱۲۰۲۶	نقدی، تحویل ۱۰ روزه
شرکت روغن کشی اترک	۱۲۵,۰۰۰	۰۲/۰۹/۱۰	۲۲۰,۰۰۰	کنجاله پنبه دانه	فله	بجنورد	۲	۱۲۰۲۷	نقدی، تحویل ۷ روزه
شرکت کشت و صنعت دشت ناز مازندران	۱۸۰,۰۰۰	۰۲/۰۹/۰۱	۱۸۵,۰۰۰	کنجاله	فله	ساری	۲	۱۲۰۰۴	نقدی، تحویل ۷ روزه
شرکت پارس بذر سپاهان	۲۵۰,۰۰۰	۰۲/۰۹/۰۱	۲۳۰,۰۰۰	کنجاله سویا	کیسه	اصفهان	۳	۱۲۰۰۵	نقدی، تحویل ۷ روزه
شرکت روغن نباتی کشت و صنعت شمال	۱۵۰,۰۰۰	۰۲/۰۹/۰۲	۱۹۰,۰۰۰	کنجاله کلزا	فله	گرگان	۲	۱۲۰۰۷	نقدی، تحویل ۱۰ روزه
شرکت صنعتی بهپاک	۲۰۰,۰۰۰	۰۲/۰۹/۰۲	۲۱۰,۰۰۰	کنجاله سویا	فله	بهشهر	۲	۱۲۰۰۸	سلف، تحویل ۳۰ روزه
شرکت کشت و صنعت مغان	۳۰۰,۰۰۰	۰۲/۰۹/۰۳	۱۷۵,۰۰۰	ذرت دامی	فله	پارس آباد	۱	۱۲۰۱۱	نقدی، تحویل ۷ روزه
شرکت خوراک دام پارس	۱۲۰,۰۰۰	۰۲/۰۹/۰۳	۱۶۰,۰۰۰	جو دامی	کیسه	تهران	۲	۱۲۰۱۲	نقدی، تحویل ۷ روزه
شرکت تولیدی روغن قو	۹۰,۰۰۰	۰۲/۰۹/۰۴	۲۴۰,۰۰۰	کنجاله آفتابگردان	فله	تهران	۳	۱۲۰۱۴	نقدی، تحویل ۵ روزه
شرکت کشت و صنعت جوین	۱۴۰,۰۰۰	۰۲/۰۹/۰۴	۱۸۰,۰۰۰	کنجاله پنبه دانه	فله	جوین	۲	۱۲۰۱۵	نقدی، تحویل ۷ روزه
شرکت غلات و فرآورده‌های گلستان	۲۲۰,۰۰۰	۰۲/۰۹/۰۵	۱۷۰,۰۰۰	ذرت دامی	فله	گنبد کاووس	۱	۱۲۰۱۶	سلف، تحویل ۴۵ روزه
شرکت کشاورزی و دامپروری مگسال	۸۰,۰۰۰	۰۲/۰۹/۰۵	۱۵۵,۰۰۰	جو دامی	فله	قزوین	۲	۱۲۰۱۷	نقدی، تحویل ۷ روزه
شرکت روغن کشی خرمشهر	۱۶۰,۰۰۰	۰۲/۰۹/۰۶	۲۲۵,۰۰۰	کنجاله سویا	فله	خرمشهر	۳	۱۲۰۱۸	نقدی، تحویل ۷ روزه
شرکت کشت و صنعت شهید بهشتی	۱۱۰,۰۰۰	۰۲/۰۹/۰۶	۱۶۸,۰۰۰	ذرت دامی	فله	دزفول	۱	۱۲۰۱۹	نقدی، تحویل ۱۰ روزه
شرکت صنایع غذایی نوید	۷۰,۰۰۰	۰۲/۰۹/۰۷	۱۹۸,۰۰۰	سبوس گندم	کیسه	مشهد	۲	۱۲۰۲۰	نقدی، تحویل ۷ روزه
شرکت آرد تجارت	۶۵,۰۰۰	۰۲/۰۹/۰۷	۱۴۵,۰۰۰	سبوس گندم	کیسه	تبریز	۲	۱۲۰۲۱	نقدی، تحویل ۷ روزه
شرکت کشت و صنعت کارون	۲۸۰,۰۰۰	۰۲/۰۹/۰۸	۱۷۲,۰۰۰	ذرت دامی	فله	شوشتر	۱	۱۲۰۲۲	سلف، تحویل ۳۰ روزه
شرکت روغن نباتی ناب	۱۳۰,۰۰۰	۰۲/۰۹/۰۸	۲۳۵,۰۰۰	کنجاله کلزا	فله	تهران	۳	۱۲۰۲۳	نقدی، تحویل ۷ روزه
شرکت تعاونی کشاورزی اتحاد	۹۵,۰۰۰	۰۲/۰۹/۰۹	۱۵۸,۰۰۰	جو دامی	فله	همدان	۲	۱۲۰۲۴	نقدی، تحویل ۷ روزه
شرکت خوراک دام و طیور البرز	۱۰۵,۰۰۰	۰۲/۰۹/۰۹	۱۹۵,۰۰۰	کنجاله سویا	کیسه	کرج	۲	۱۲۰۲۵	نقدی، تحویل ۵ روزه
شرکت کشت و صنعت سبز دشت	۱۸۵,۰۰۰	۰۲/۰۹/۱۰	۱۶۶,۰۰۰	ذرت دامی	فله	اهواز	۱	۱۲۰۲۶	نقدی، تحویل ۱۰ روزه
شرکت روغن کشی اترک	۱۲۵,۰۰۰	۰۲/۰۹/۱۰	۲۲۰,۰۰۰	کنجاله پنبه دانه	فله	بجنورد	۲	۱۲۰۲۷	نقدی، تحویل ۷ روزه
شرکت کشت و صنعت دشت ناز مازندران	۱۸۰,۰۰۰	۰۲/۰۹/۰۱	۱۸۵,۰۰۰	کنجاله	فله	ساری	۲	۱۲۰۰۴	نقدی، تحویل ۷ روزه
شرکت پارس بذر سپاهان	۲۵۰,۰۰۰	۰۲/۰۹/۰۱	۲۳۰,۰۰۰	کنجاله سویا	کیسه	اصفهان	۳	۱۲۰۰۵	نقدی، تحویل ۷ روزه
شرکت روغن نباتی کشت و صنعت شمال	۱۵۰,۰۰۰	۰۲/۰۹/۰۲	۱۹۰,۰۰۰	کنجاله کلزا	فله	گرگان	۲	۱۲۰۰۷	نقدی، تحویل ۱۰ روزه
شرکت صنعتی بهپاک	۲۰۰,۰۰۰	۰۲/۰۹/۰۲	۲۱۰,۰۰۰	کنجاله سویا	فله	بهشهر	۲	۱۲۰۰۸	سلف، تحویل ۳۰ روزه
شرکت کشت و صنعت مغان	۳۰۰,۰۰۰	۰۲/۰۹/۰۳	۱۷۵,۰۰۰	ذرت دامی	فله	پارس آباد	۱	۱۲۰۱۱	نقدی، تحویل ۷ روزه
شرکت خوراک دام پارس	۱۲۰,۰۰۰	۰۲/۰۹/۰۳	۱۶۰,۰۰۰	جو دامی	کیسه	تهران	۲	۱۲۰۱۲	نقدی، تحویل ۷ روزه
شرکت تولیدی روغن قو	۹۰,۰۰۰	۰۲/۰۹/۰۴	۲۴۰,۰۰۰	کنجاله آفتابگردان	فله	تهران	۳	۱۲۰۱۴	نقدی، تحویل ۵ روزه
شرکت کشت و صنعت جوین	۱۴۰,۰۰۰	۰۲/۰۹/۰۴	۱۸۰,۰۰۰	کنجاله پنبه دانه	فله	جوین	۲	۱۲۰۱۵	نقدی، تحویل ۷ روزه
شرکت غلات و فرآورده‌های گلستان	۲۲۰,۰۰۰	۰۲/۰۹/۰۵	۱۷۰,۰۰۰	ذرت دامی	فله	گنبد کاووس	۱	۱۲۰۱۶	سلف، تحویل ۴۵ روزه
شرکت کشاورزی و دامپروری مگسال	۸۰,۰۰۰	۰۲/۰۹/۰۵	۱۵۵,۰۰۰	جو دامی	فله	قزوین	۲	۱۲۰۱۷	نقدی، تحویل ۷ روزه
شرکت روغن کشی خرمشهر	۱۶۰,۰۰۰	۰۲/۰۹/۰۶	۲۲۵,۰۰۰	کنجاله سویا	فله	خرمشهر	۳	۱۲۰۱۸	نقدی، تحویل ۷ روزه
شرکت کشت و صنعت شهید بهشتی	۱۱۰,۰۰۰	۰۲/۰۹/۰۶	۱۶۸,۰۰۰	ذرت دامی	فله	دزفول	۱	۱۲۰۱۹	نقدی، تحویل ۱۰ روزه
شرکت صنایع غذایی نوید	۷۰,۰۰۰	۰۲/۰۹/۰۷	۱۹۸,۰۰۰	سبوس گندم	کیسه	مشهد	۲	۱۲۰۲۰	نقدی، تحویل ۷ روزه
شرکت آرد تجارت	۶۵,۰۰۰	۰۲/۰۹/۰۷	۱۴۵,۰۰۰	سبوس گندم	کیسه	تبریز	۲	۱۲۰۲۱	نقدی، تحویل ۷ روزه
شرکت کشت و صنعت کارون	۲۸۰,۰۰۰	۰۲/۰۹/۰۸	۱۷۲,۰۰۰	ذرت دامی	فله	شوشتر	۱	۱۲۰۲۲	سلف، تحویل ۳۰ روزه
شرکت روغن نباتی ناب	۱۳۰,۰۰۰	۰۲/۰۹/۰۸	۲۳۵,۰۰۰	کنجاله کلزا	فله	تهران	۳	۱۲۰۲۳	نقدی، تحویل ۷ روزه
شرکت تعاونی کشاورزی اتحاد	۹۵,۰۰۰	۰۲/۰۹/۰۹	۱۵۸,۰۰۰	جو دامی	فله	همدان	۲	۱۲۰۲۴	نقدی، تحویل ۷ روزه
شرکت خوراک دام و طیور البرز	۱۰۵,۰۰۰	۰۲/۰۹/۰۹	۱۹۵,۰۰۰	کنجاله سویا	کیسه	کرج	۲	۱۲۰۲۵	نقدی، تحویل ۵ روزه
شرکت کشت و صنعت سبز دشت	۱۸۵,۰۰۰	۰۲/۰۹/۱۰	۱۶۶,۰۰۰	ذرت دامی	فله	اهواز	۱	۱۲۰۲۶	نقدی، تحویل ۱۰ روزه
شرکت روغن کشی اترک	۱۲۵,۰۰۰	۰۲/۰۹/۱۰	۲۲۰,۰۰۰	کنجاله پنبه دانه	فله	بجنورد	۲	۱۲۰۲۷	نقدی، تحویل ۷ روزه
شرکت کشت و صنعت دشت ناز مازندران	۱۸۰,۰۰۰	۰۲/۰۹/۰۱	۱۸۵,۰۰۰	کنجاله	فله	ساری	۲	۱۲۰۰۴	نقدی، تحویل ۷ روزه
شرکت پارس بذر سپاهان	۲۵۰,۰۰۰	۰۲/۰۹/۰۱	۲۳۰,۰۰۰	کنجاله سویا	کیسه	اصفهان	۳	۱۲۰۰۵	نقدی، تحویل ۷ روزه
شرکت روغن نباتی کشت و صنعت شمال	۱۵۰,۰۰۰	۰۲/۰۹/۰۲	۱۹۰,۰۰۰	کنجاله کلزا	فله	گرگان	۲	۱۲۰۰۷	نقدی، تحویل ۱۰ روزه
شرکت صنعتی بهپاک	۲۰۰,۰۰۰	۰۲/۰۹/۰۲	۲۱۰,۰۰۰	کنجاله سویا	فله	بهشهر	۲	۱۲۰۰۸	سلف، تحویل ۳۰ روزه
شرکت کشت و صنعت مغان	۳۰۰,۰۰۰	۰۲/۰۹/۰۳	۱۷۵,۰۰۰	ذرت دامی	فله	پارس آباد	۱	۱۲۰۱۱	نقدی، تحویل ۷ روزه
شرکت خوراک دام پارس	۱۲۰,۰۰۰	۰۲/۰۹/۰۳	۱۶۰,۰۰۰	جو دامی	کیسه	تهران	۲	۱۲۰۱۲	نقدی، تحویل ۷ روزه
شرکت تولیدی روغن قو	۹۰,۰۰۰	۰۲/۰۹/۰۴	۲۴۰,۰۰۰	کنجاله آفتابگردان	فله	تهران	۳	۱۲۰۱۴	نقدی، تحویل ۵ روزه
شرکت کشت و صنعت جوین	۱۴۰,۰۰۰	۰۲/۰۹/۰۴	۱۸۰,۰۰۰	کنجاله پنبه دانه	فله	جوین	۲	۱۲۰۱۵	نقدی، تحویل ۷ روزه
شرکت غلات و فرآورده‌های گلستان	۲۲۰,۰۰۰	۰۲/۰۹/۰۵	۱۷۰,۰۰۰	ذرت دامی	فله	گنبد کاووس	۱	۱۲۰۱۶	سلف، تحویل ۴۵ روزه
شرکت کشاورزی و دامپروری مگسال	۸۰,۰۰۰	۰۲/۰۹/۰۵	۱۵۵,۰۰۰	جو دامی	فله	قزوین	۲	۱۲۰۱۷	نقدی، تحویل ۷ روزه
شرکت روغن کشی خرمشهر	۱۶۰,۰۰۰	۰۲/۰۹/۰۶	۲۲۵,۰۰۰	کنجاله سویا	فله	خرمشهر	۳	۱۲۰۱۸	نقدی، تحویل ۷ روزه
شرکت کشت و صنعت شهید بهشتی	۱۱۰,۰۰۰	۰۲/۰۹/۰۶	۱۶۸,۰۰۰	ذرت دامی	فله	دزفول	۱	۱۲۰۱۹	نقدی، تحویل ۱۰ روزه
شرکت صنایع غذایی نوید	۷۰,۰۰۰	۰۲/۰۹/۰۷	۱۹۸,۰۰۰	سبوس گندم	کیسه	مشهد	۲	۱۲۰۲۰	نقدی، تحویل ۷ روزه
شرکت آرد تجارت	۶۵,۰۰۰	۰۲/۰۹/۰۷	۱۴۵,۰۰۰	سبوس گندم	کیسه	تبریز	۲	۱۲۰۲۱	نقدی، تحویل ۷ روزه
شرکت کشت و صنعت کارون	۲۸۰,۰۰۰	۰۲/۰۹/۰۸	۱۷۲,۰۰۰	ذرت دامی	فله	شوشتر	۱	۱۲۰۲۲	سلف، تحویل ۳۰ روزه
شرکت روغن نباتی ناب	۱۳۰,۰۰۰	۰۲/۰۹/۰۸	۲۳۵,۰۰۰	کنجاله کلزا	فله	تهران	۳	۱۲۰۲۳	نقدی، تحویل ۷ روزه
شرکت تعاونی کشاورزی اتحاد	۹۵,۰۰۰	۰۲/۰۹/۰۹	۱۵۸,۰۰۰	جو دامی	فله	همدان	۲	۱۲۰۲۴	نقدی، تحویل ۷ روزه
شرکت خوراک دام و طیور البرز	۱۰۵,۰۰۰	۰۲/۰۹/۰۹	۱۹۵,۰۰۰	کنجاله سویا	کیسه	کرج	۲	۱۲۰۲۵	نقدی، تحویل ۵ روزه
شرکت کشت و صنعت سبز دشت	۱۸۵,۰۰۰	۰۲/۰۹/۱۰	۱۶۶,۰۰۰	ذرت دامی	فله	اهواز	۱	۱۲۰۲۶	نقدی، تحویل ۱۰ روزه
شرکت روغن کشی اترک	۱۲۵,۰۰۰	۰۲/۰۹/۱۰	۲۲۰,۰۰۰	کنجاله پنبه دانه	فله	بجنورد	۲	۱۲۰۲۷	نقدی، تحویل ۷ روزه
شرکت کشت و صنعت دشت ناز مازندران	۱۸۰,۰۰۰	۰۲/۰۹/۰۱	۱۸۵,۰۰۰	کنجاله	فله	ساری	۲	۱۲۰۰۴	نقدی، تحویل ۷ روزه
شرکت پارس بذر سپاهان	۲۵۰,۰۰۰	۰۲/۰۹/۰۱	۲۳۰,۰۰۰	کنجاله سویا	کیسه	اصفهان	۳	۱۲۰۰۵	نقدی، تحویل ۷ روزه
شرکت روغن نباتی کشت و صنعت شمال	۱۵۰,۰۰۰	۰۲/۰۹/۰۲	۱۹۰,۰۰۰	کنجاله کلزا	فله	گرگان	۲	۱۲۰۰۷	نقدی، تحویل ۱۰ روزه
شرکت صنعتی بهپاک	۲۰۰,۰۰۰	۰۲/۰۹/۰۲	۲۱۰,۰۰۰	کنجاله سویا	فله	بهشهر	۲	۱۲۰۰۸	سلف، تحویل ۳۰ روزه
شرکت کشت و صنعت مغان	۳۰۰,۰۰۰	۰۲/۰۹/۰۳	۱۷۵,۰۰۰	ذرت دامی	فله	پارس آباد	۱	۱۲۰۱۱	نقدی، تحویل ۷ روزه
شرکت خوراک دام پارس	۱۲۰,۰۰۰	۰۲/۰۹/۰۳	۱۶۰,۰۰۰	جو دامی	کیسه	تهران	۲	۱۲۰۱۲	نقدی، تحویل ۷ روزه
شرکت تولیدی روغن قو	۹۰,۰۰۰	۰۲/۰۹/۰۴	۲۴۰,۰۰۰	کنجاله آفتابگردان	فله	تهران	۳	۱۲۰۱۴	نقدی، تحویل ۵ روزه
شرکت کشت و صنعت جوین	۱۴۰,۰۰۰	۰۲/۰۹/۰۴	۱۸۰,۰۰۰	کنجاله پنبه دانه	فله	جوین	۲	۱۲۰۱۵	نقدی، تحویل ۷ روزه
شرکت غلات و فرآورده‌های گلستان	۲۲۰,۰۰۰	۰۲/۰۹/۰۵	۱۷۰,۰۰۰	ذرت دامی	فله	گنبد کاووس	۱	۱۲۰۱۶	سلف، تحویل ۴۵ روزه
شرکت کشاورزی و دامپروری مگسال	۸۰,۰۰۰	۰۲/۰۹/۰۵	۱۵۵,۰۰۰	جو دامی	فله	قزوین	۲	۱۲۰۱۷	نقدی، تحویل ۷ روزه
شرکت روغن کشی خرمشهر	۱۶۰,۰۰۰	۰۲/۰۹/۰۶	۲۲۵,۰۰۰	کنجاله سویا	فله	خرمشهر	۳	۱۲۰۱۸	نقدی، تحویل ۷ روزه
شرکت کشت و صنعت شهید بهشتی	۱۱۰,۰۰۰	۰۲/۰۹/۰۶	۱۶۸,۰۰۰	ذرت دامی	فله	دزفول	۱	۱۲۰۱۹	نقدی، تحویل ۱۰ روزه
شرکت صنایع غذایی نوید	۷۰,۰۰۰	۰۲/۰۹/۰۷	۱۹۸,۰۰۰	سبوس گندم	کیسه	مشهد	۲	۱۲۰۲۰	نقدی، تحویل ۷ روزه
شرکت آرد تجارت	۶۵,۰۰۰	۰۲/۰۹/۰۷	۱۴۵,۰۰۰	سبوس گندم	کیسه	تبریز	۲	۱۲۰۲۱	نقدی، تحویل ۷ روزه
شرکت کشت و صنعت کارون	۲۸۰,۰۰۰	۰۲/۰۹/۰۸	۱۷۲,۰۰۰	ذرت دامی	فله	شوشتر	۱	۱۲۰۲۲	سلف، تحویل ۳۰ روزه
شرکت روغن نباتی ناب	۱۳۰,۰۰۰	۰۲/۰۹/۰۸	۲۳۵,۰۰۰	کنجاله کلزا	فله	تهران	۳	۱۲۰۲۳	نقدی، تحویل ۷ روزه
شرکت تعاونی کشاورزی اتحاد	۹۵,۰۰۰	۰۲/۰۹/۰۹	۱۵۸,۰۰۰	جو دامی	فله	همدان	۲	۱۲۰۲۴	نقدی، تحویل ۷ روزه
شرکت خوراک دام و طیور البرز	۱۰۵,۰۰۰	۰۲/۰۹/۰۹	۱۹۵,۰۰۰	کنجاله سویا	کیسه	کرج	۲	۱۲۰۲۵	نقدی، تحویل ۵ روزه
شرکت کشت و صنعت سبز دشت	۱۸۵,۰۰۰	۰۲/۰۹/۱۰	۱۶۶,۰۰۰	ذرت دامی	فله	اهواز	۱	۱۲۰۲۶	نقدی، تحویل ۱۰ روزه
شرکت روغن کشی اترک	۱۲۵,۰۰۰	۰۲/۰۹/۱۰	۲۲۰,۰۰۰	کنجاله پنبه دانه	فله	بجنورد	۲	۱۲۰۲۷	نقدی، تحویل ۷ روزه
شرکت کشت و صنعت دشت ناز مازندران	۱۸۰,۰۰۰	۰۲/۰۹/۰۱	۱۸۵,۰۰۰	کنجاله	فله	ساری	۲	۱۲۰۰۴	نقدی، تحویل ۷ روزه
شرکت پارس بذر سپاهان	۲۵۰,۰۰۰	۰۲/۰۹/۰۱	۲۳۰,۰۰۰	کنجاله سویا	کیسه	اصفهان	۳	۱۲۰۰۵	نقدی، تحویل ۷ روزه
شرکت روغن نباتی کشت و صنعت شمال	۱۵۰,۰۰۰	۰۲/۰۹/۰۲	۱۹۰,۰۰۰	کنجاله کلزا	فله	گرگان	۲	۱۲۰۰۷	نقدی، تحویل ۱۰ روزه
شرکت صنعتی بهپاک	۲۰۰,۰۰۰	۰۲/۰۹/۰۲	۲۱۰,۰۰۰	کنجاله سویا	فله	بهشهر	۲	۱۲۰۰۸	سلف، تحویل ۳۰ روزه
شرکت کشت و صنعت مغان	۳۰۰,۰۰۰	۰۲/۰۹/۰۳	۱۷۵,۰۰۰	ذرت دامی	فله	پارس آباد	۱	۱۲۰۱۱	نقدی، تحویل ۷ روزه
شرکت خوراک دام پارس	۱۲۰,۰۰۰	۰۲/۰۹/۰۳	۱۶۰,۰۰۰	جو دامی	کیسه	تهران	۲	۱۲۰۱۲	نقدی، تحویل ۷ روزه
شرکت تولیدی روغن قو	۹۰,۰۰۰	۰۲/۰۹/۰۴	۲۴۰,۰۰۰	کنجاله آفتابگردان	فله	تهران	۳	۱۲۰۱۴	نقدی، تحویل ۵ روزه
شرکت کشت و صنعت جوین	۱۴۰,۰۰۰	۰۲/۰۹/۰۴	۱۸۰,۰۰۰	کنجاله پنبه دانه	فله	جوین	۲	۱۲۰۱۵	نقدی، تحویل ۷ روزه
شرکت غلات و فرآورده‌های گلستان	۲۲۰,۰۰۰	۰۲/۰۹/۰۵	۱۷۰,۰۰۰	ذرت دامی	فله	گنبد کاووس	۱	۱۲۰۱۶	سلف، تحویل ۴۵ روزه
شرکت کشاورزی و دامپروری مگسال	۸۰,۰۰۰	۰۲/۰۹/۰۵	۱۵۵,۰۰۰	جو دامی	فله	قزوین	۲	۱۲۰۱۷	نقدی، تحویل ۷ روزه
شرکت روغن کشی خرمشهر	۱۶۰,۰۰۰	۰۲/۰۹/۰۶	۲۲۵,۰۰۰	کنجاله سویا	فله	خرمشهر	۳	۱۲۰۱۸	نقدی، تحویل ۷ روزه
شرکت کشت و صنعت شهید بهشتی	۱۱۰,۰۰۰	۰۲/۰۹/۰۶	۱۶۸,۰۰۰	ذرت دامی	فله	دزفول	۱	۱۲۰۱۹	نقدی، تحویل ۱۰ روزه
شرکت صنایع غذایی نوید	۷۰,۰۰۰	۰۲/۰۹/۰۷	۱۹۸,۰۰۰	سبوس گندم	کیسه	مشهد	۲	۱۲۰۲۰	نقدی، تحویل ۷ روزه
شرکت آرد تجارت	۶۵,۰۰۰	۰۲/۰۹/۰۷	۱۴۵,۰۰۰	سبوس گندم	کیسه	تبریز	۲	۱۲۰۲۱	نقدی، تحویل ۷ روزه
شرکت کشت و صنعت کارون	۲۸۰,۰۰۰	۰۲/۰۹/۰۸	۱۷۲,۰۰۰	ذرت دامی	فله	شوشتر	۱	۱۲۰۲۲	سلف، تحویل ۳۰ روزه
شرکت روغن نباتی ناب	۱۳۰,۰۰۰	۰۲/۰۹/۰۸	۲۳۵,۰۰۰	کنجاله کلزا	فله	تهران	۳	۱۲۰۲۳	نقدی، تحویل ۷ روزه
شرکت تعاونی کشاورزی اتحاد	۹۵,۰۰۰	۰۲/۰۹/۰۹	۱۵۸,۰۰۰	جو دامی	فله	همدان	۲	۱۲۰۲۴	نقدی، تحویل ۷ روزه
شرکت خوراک دام و طیور البرز	۱۰۵,۰۰۰	۰۲/۰۹/۰۹	۱۹۵,۰۰۰	کنجاله سویا	کیسه	کرج	۲	۱۲۰۲۵	نقدی، تحویل ۵ روزه
شرکت کشت و صنعت سبز دشت	۱۸۵,۰۰۰	۰۲/۰۹/۱۰	۱۶۶,۰۰۰	ذرت دامی	فله	اهواز	۱	۱۲۰۲۶	نقدی، تحویل ۱۰ روزه
شرکت روغن کشی اترک	۱۲۵,۰۰۰	۰۲/۰۹/۱۰	۲۲۰,۰۰۰	کنجاله پنبه دانه	فله	بجنورد	۲	۱۲۰۲۷	نقدی، تحویل ۷ روزه
شرکت کشت و صنعت دشت ناز مازندران	۱۸۰,۰۰۰	۰۲/۰۹/۰۱	۱۸۵,۰۰۰	کنجاله	فله	ساری	۲	۱۲۰۰۴	نقدی، تحویل ۷ روزه
شرکت پارس بذر سپاهان	۲۵۰,۰۰۰	۰۲/۰۹/۰۱	۲۳۰,۰۰۰	کنجاله سویا	کیسه	اصفهان	۳	۱۲۰۰۵	نقدی، تحویل ۷ روزه
شرکت روغن نباتی کشت و صنعت شمال	۱۵۰,۰۰۰	۰۲/۰۹/۰۲	۱۹۰,۰۰۰	کنجاله کلزا	فله	گرگان	۲	۱۲۰۰۷	نقدی، تحویل ۱۰ روزه
شرکت صنعتی بهپاک	۲۰۰,۰۰۰	۰۲/۰۹/۰۲	۲۱۰,۰۰۰	کنجاله سویا	فله	بهشهر	۲	۱۲۰۰۸	سلف، تحویل ۳۰ روزه
شرکت کشت و صنعت مغان	۳۰۰,۰۰۰	۰۲/۰۹/۰۳	۱۷۵,۰۰۰	ذرت دامی	فله	پارس آباد	۱	۱۲۰۱۱	نقدی، تحویل ۷ روزه
شرکت خوراک دام پارس	۱۲۰,۰۰۰	۰۲/۰۹/۰۳	۱۶۰,۰۰۰	جو دامی	کیسه	تهران	۲	۱۲۰۱۲	نقدی، تحویل ۷ روزه
شرکت تولیدی روغن قو	۹۰,۰۰۰	۰۲/۰۹/۰۴	۲۴۰,۰۰۰	کنجاله آفتابگردان	فله	تهران	۳	۱۲۰۱۴	نقدی، تحویل ۵ روزه
شرکت کشت و صنعت جوین	۱۴۰,۰۰۰	۰۲/۰۹/۰۴	۱۸۰,۰۰۰	کنجاله پنبه دانه	فله	جوین	۲	۱۲۰۱۵	نقدی، تحویل ۷ روزه
شرکت غلات و فرآورده‌های گلستان	۲۲۰,۰۰۰	۰۲/۰۹/۰۵	۱۷۰,۰۰۰	ذرت دامی	فله	گنبد کاووس	۱	۱۲۰۱۶	سلف، تحویل ۴۵ روزه
شرکت کشاورزی و دامپروری مگسال	۸۰,۰۰۰	۰۲/۰۹/۰۵	۱۵۵,۰۰۰	جو دامی	فله	قزوین	۲	۱۲۰۱۷	نقدی، تحویل ۷ روزه
